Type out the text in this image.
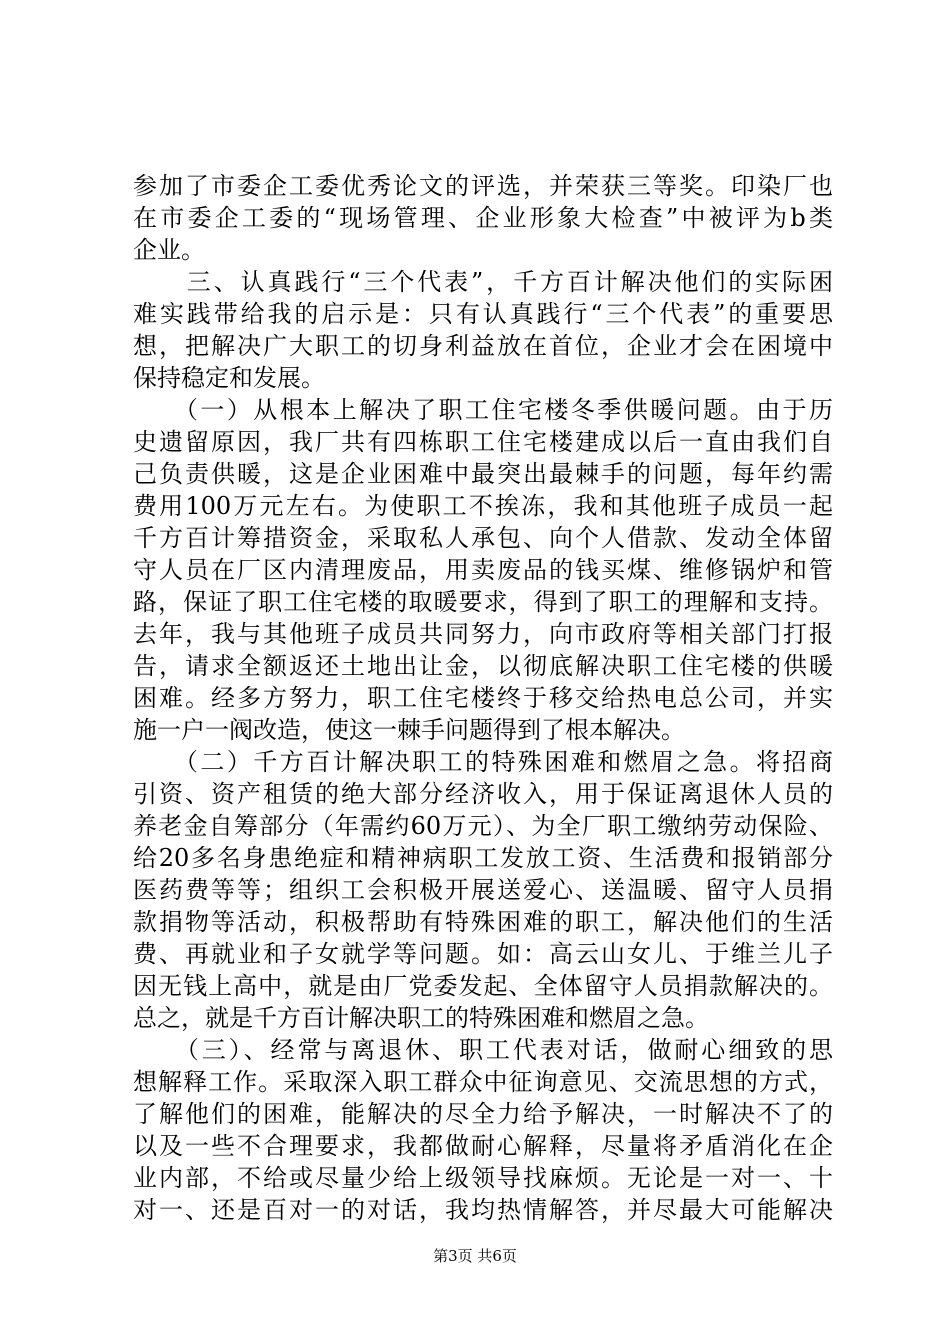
参加了市委企工委优秀论文的评选，并荣获三等奖。印染厂也
在市委企工委的“现场管理、企业形象大检查”中被评为b类
企业。
　　三、认真践行“三个代表”，千方百计解决他们的实际困
难实践带给我的启示是：只有认真践行“三个代表”的重要思
想，把解决广大职工的切身利益放在首位，企业才会在困境中
保持稳定和发展。
　　（一）从根本上解决了职工住宅楼冬季供暖问题。由于历
史遗留原因，我厂共有四栋职工住宅楼建成以后一直由我们自
己负责供暖，这是企业困难中最突出最棘手的问题，每年约需
费用100万元左右。为使职工不挨冻，我和其他班子成员一起
千方百计筹措资金，采取私人承包、向个人借款、发动全体留
守人员在厂区内清理废品，用卖废品的钱买煤、维修锅炉和管
路，保证了职工住宅楼的取暖要求，得到了职工的理解和支持。
去年，我与其他班子成员共同努力，向市政府等相关部门打报
告，请求全额返还土地出让金，以彻底解决职工住宅楼的供暖
困难。经多方努力，职工住宅楼终于移交给热电总公司，并实
施一户一阀改造，使这一棘手问题得到了根本解决。
　　（二）千方百计解决职工的特殊困难和燃眉之急。将招商
引资、资产租赁的绝大部分经济收入，用于保证离退休人员的
养老金自筹部分（年需约60万元）、为全厂职工缴纳劳动保险、
给20多名身患绝症和精神病职工发放工资、生活费和报销部分
医药费等等；组织工会积极开展送爱心、送温暖、留守人员捐
款捐物等活动，积极帮助有特殊困难的职工，解决他们的生活
费、再就业和子女就学等问题。如：高云山女儿、于维兰儿子
因无钱上高中，就是由厂党委发起、全体留守人员捐款解决的。
总之，就是千方百计解决职工的特殊困难和燃眉之急。
　　（三）、经常与离退休、职工代表对话，做耐心细致的思
想解释工作。采取深入职工群众中征询意见、交流思想的方式，
了解他们的困难，能解决的尽全力给予解决，一时解决不了的
以及一些不合理要求，我都做耐心解释，尽量将矛盾消化在企
业内部，不给或尽量少给上级领导找麻烦。无论是一对一、十
对一、还是百对一的对话，我均热情解答，并尽最大可能解决
第3页 共6页
